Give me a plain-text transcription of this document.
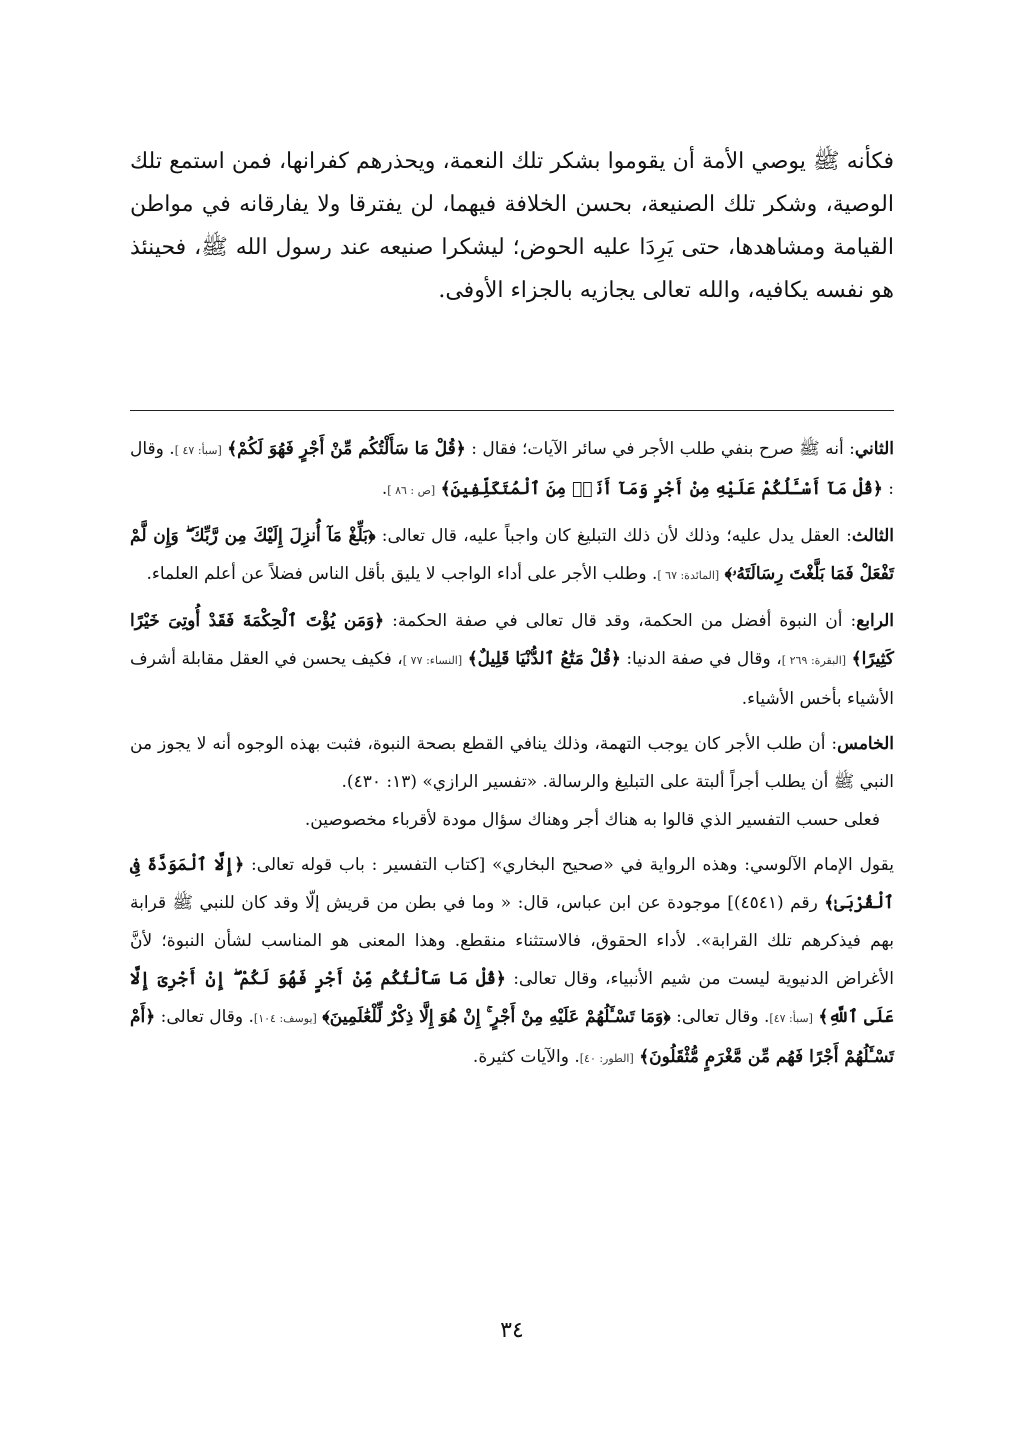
فكأنه ﷺ يوصي الأمة أن يقوموا بشكر تلك النعمة، ويحذرهم كفرانها، فمن استمع تلك الوصية، وشكر تلك الصنيعة، بحسن الخلافة فيهما، لن يفترقا ولا يفارقانه في مواطن القيامة ومشاهدها، حتى يَرِدَا عليه الحوض؛ ليشكرا صنيعه عند رسول الله ﷺ، فحينئذ هو نفسه يكافيه، والله تعالى يجازيه بالجزاء الأوفى.

الثاني: أنه ﷺ صرح بنفي طلب الأجر في سائر الآيات؛ فقال : ﴿قُلْ مَا سَأَلْتُكُم مِّنْ أَجْرٍ فَهُوَ لَكُمْ﴾ [سبأ: ٤٧ ]. وقال : ﴿قُلْ مَآ أَسْـَٔلُكُمْ عَلَيْهِ مِنْ أَجْرٍ وَمَآ أَنَا۠ مِنَ ٱلْمُتَكَلِّفِينَ﴾ [ص : ٨٦ ].

الثالث: العقل يدل عليه؛ وذلك لأن ذلك التبليغ كان واجباً عليه، قال تعالى: ﴿بَلِّغْ مَآ أُنزِلَ إِلَيْكَ مِن رَّبِّكَ ۖ وَإِن لَّمْ تَفْعَلْ فَمَا بَلَّغْتَ رِسَالَتَهُۥ﴾ [المائدة: ٦٧ ]. وطلب الأجر على أداء الواجب لا يليق بأقل الناس فضلاً عن أعلم العلماء.

الرابع: أن النبوة أفضل من الحكمة، وقد قال تعالى في صفة الحكمة: ﴿وَمَن يُؤْتَ ٱلْحِكْمَةَ فَقَدْ أُوتِىَ خَيْرًا كَثِيرًا﴾ [البقرة: ٢٦٩ ]، وقال في صفة الدنيا: ﴿قُلْ مَتَٰعُ ٱلدُّنْيَا قَلِيلٌ﴾ [النساء: ٧٧ ]، فكيف يحسن في العقل مقابلة أشرف الأشياء بأخس الأشياء.

الخامس: أن طلب الأجر كان يوجب التهمة، وذلك ينافي القطع بصحة النبوة، فثبت بهذه الوجوه أنه لا يجوز من النبي ﷺ أن يطلب أجراً ألبتة على التبليغ والرسالة. «تفسير الرازي» (١٣: ٤٣٠).

فعلى حسب التفسير الذي قالوا به هناك أجر وهناك سؤال مودة لأقرباء مخصوصين.

يقول الإمام الآلوسي: وهذه الرواية في «صحيح البخاري» [كتاب التفسير : باب قوله تعالى: ﴿إِلَّا ٱلْمَوَدَّةَ فِى ٱلْقُرْبَىٰ﴾ رقم (٤٥٤١)] موجودة عن ابن عباس، قال: « وما في بطن من قريش إلّا وقد كان للنبي ﷺ قرابة بهم فيذكرهم تلك القرابة». لأداء الحقوق، فالاستثناء منقطع. وهذا المعنى هو المناسب لشأن النبوة؛ لأنَّ الأغراض الدنيوية ليست من شيم الأنبياء، وقال تعالى: ﴿قُلْ مَا سَأَلْتُكُم مِّنْ أَجْرٍ فَهُوَ لَكُمْ ۖ إِنْ أَجْرِىَ إِلَّا عَلَى ٱللَّهِ﴾ [سبأ: ٤٧]. وقال تعالى: ﴿وَمَا تَسْـَٔلُهُمْ عَلَيْهِ مِنْ أَجْرٍ ۚ إِنْ هُوَ إِلَّا ذِكْرٌ لِّلْعَٰلَمِينَ﴾ [يوسف: ١٠٤]. وقال تعالى: ﴿أَمْ تَسْـَٔلُهُمْ أَجْرًا فَهُم مِّن مَّغْرَمٍ مُّثْقَلُونَ﴾ [الطور: ٤٠]. والآيات كثيرة.

٣٤
